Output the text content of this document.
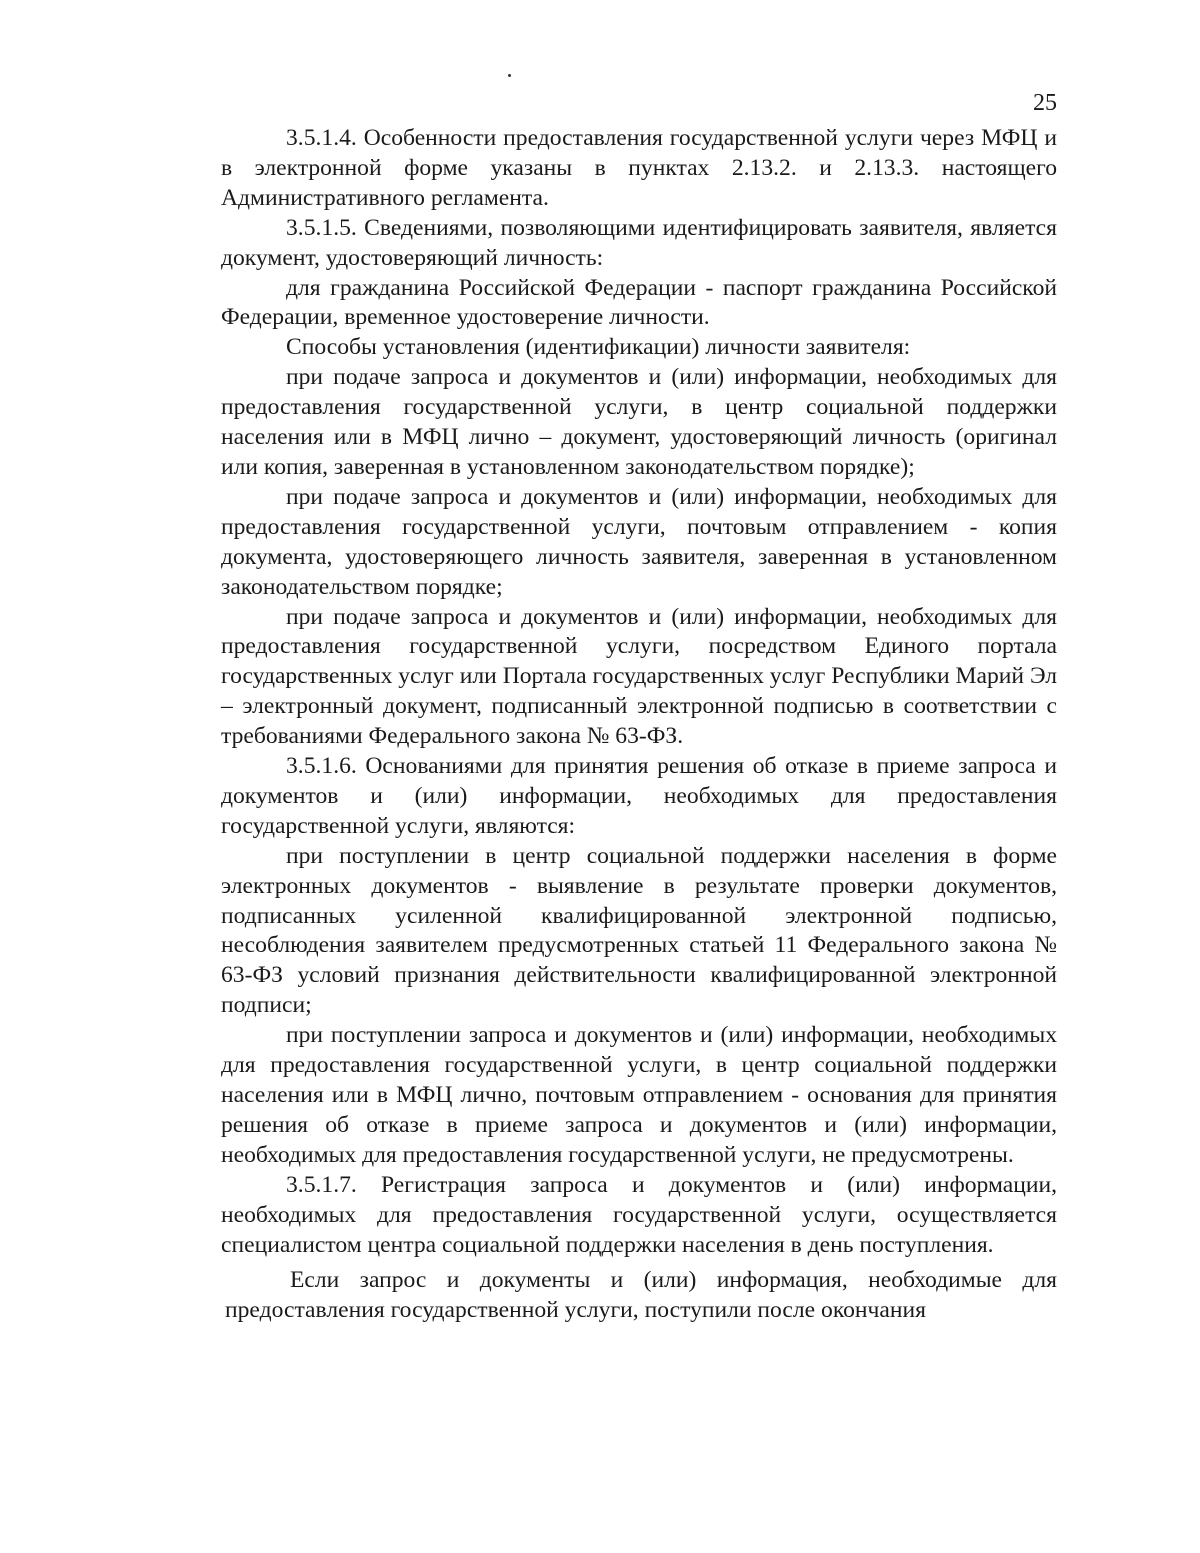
25

3.5.1.4. Особенности предоставления государственной услуги через МФЦ и в электронной форме указаны в пунктах 2.13.2. и 2.13.3. настоящего Административного регламента.

3.5.1.5. Сведениями, позволяющими идентифицировать заявителя, является документ, удостоверяющий личность:

для гражданина Российской Федерации - паспорт гражданина Российской Федерации, временное удостоверение личности.

Способы установления (идентификации) личности заявителя:

при подаче запроса и документов и (или) информации, необходимых для предоставления государственной услуги, в центр социальной поддержки населения или в МФЦ лично – документ, удостоверяющий личность (оригинал или копия, заверенная в установленном законодательством порядке);

при подаче запроса и документов и (или) информации, необходимых для предоставления государственной услуги, почтовым отправлением - копия документа, удостоверяющего личность заявителя, заверенная в установленном законодательством порядке;

при подаче запроса и документов и (или) информации, необходимых для предоставления государственной услуги, посредством Единого портала государственных услуг или Портала государственных услуг Республики Марий Эл – электронный документ, подписанный электронной подписью в соответствии с требованиями Федерального закона № 63-ФЗ.

3.5.1.6. Основаниями для принятия решения об отказе в приеме запроса и документов и (или) информации, необходимых для предоставления государственной услуги, являются:

при поступлении в центр социальной поддержки населения в форме электронных документов - выявление в результате проверки документов, подписанных усиленной квалифицированной электронной подписью, несоблюдения заявителем предусмотренных статьей 11 Федерального закона № 63-ФЗ условий признания действительности квалифицированной электронной подписи;

при поступлении запроса и документов и (или) информации, необходимых для предоставления государственной услуги, в центр социальной поддержки населения или в МФЦ лично, почтовым отправлением - основания для принятия решения об отказе в приеме запроса и документов и (или) информации, необходимых для предоставления государственной услуги, не предусмотрены.

3.5.1.7. Регистрация запроса и документов и (или) информации, необходимых для предоставления государственной услуги, осуществляется специалистом центра социальной поддержки населения в день поступления.

Если запрос и документы и (или) информация, необходимые для предоставления государственной услуги, поступили после окончания
